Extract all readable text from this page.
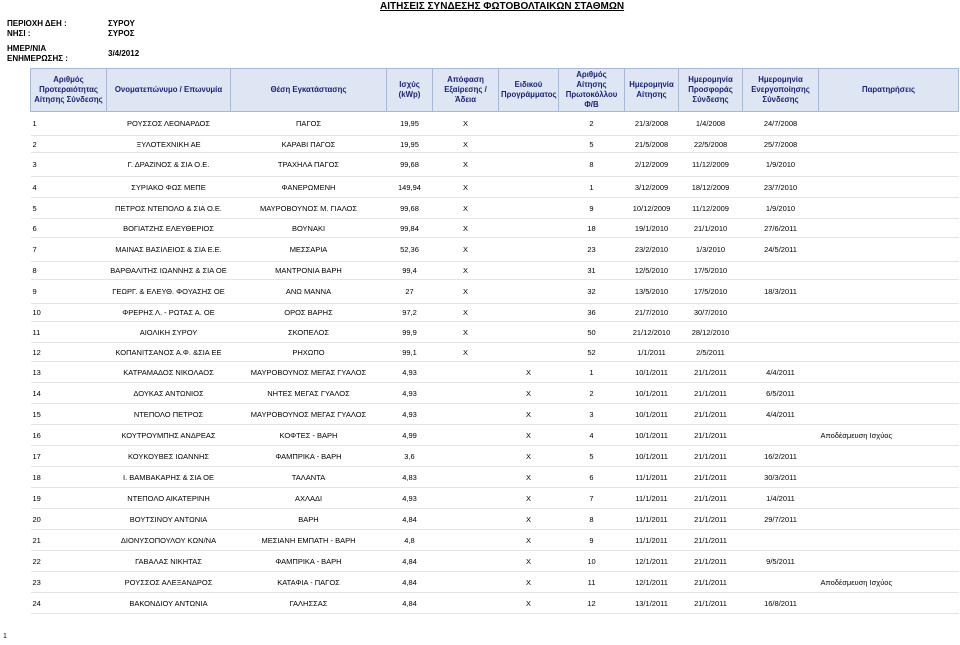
ΑΙΤΗΣΕΙΣ ΣΥΝΔΕΣΗΣ ΦΩΤΟΒΟΛΤΑΙΚΩΝ ΣΤΑΘΜΩΝ
ΠΕΡΙΟΧΗ ΔΕΗ :	ΣΥΡΟΥ
ΝΗΣΙ :	ΣΥΡΟΣ
ΗΜΕΡ/ΝΙΑ ΕΝΗΜΕΡΩΣΗΣ :
3/4/2012
Αριθμός Προτεραιότητας Αίτησης Σύνδεσης	Ονοματεπώνυμο / Επωνυμία	Θέση Εγκατάστασης	Ισχύς (kWp)	Απόφαση Εξαίρεσης / Άδεια	Ειδικού Προγράμματος	Αριθμός Αίτησης Πρωτοκόλλου Φ/Β	Ημερομηνία Αίτησης	Ημερομηνία Προσφοράς Σύνδεσης	Ημερομηνία Ενεργοποίησης Σύνδεσης	Παρατηρήσεις
1	ΡΟΥΣΣΟΣ ΛΕΟΝΑΡΔΟΣ	ΠΑΓΟΣ	19,95	X		2	21/3/2008	1/4/2008	24/7/2008	
2	ΞΥΛΟΤΕΧΝΙΚΗ ΑΕ	ΚΑΡΑΒΙ ΠΑΓΟΣ	19,95	X		5	21/5/2008	22/5/2008	25/7/2008	
3	Γ. ΔΡΑΖΙΝΟΣ & ΣΙΑ Ο.Ε.	ΤΡΑΧΗΛΑ ΠΑΓΟΣ	99,68	X		8	2/12/2009	11/12/2009	1/9/2010	
4	ΣΥΡΙΑΚΟ ΦΩΣ ΜΕΠΕ	ΦΑΝΕΡΩΜΕΝΗ	149,94	X		1	3/12/2009	18/12/2009	23/7/2010	
5	ΠΕΤΡΟΣ ΝΤΕΠΟΛΟ & ΣΙΑ Ο.Ε.	ΜΑΥΡΟΒΟΥΝΟΣ Μ. ΓΙΑΛΟΣ	99,68	X		9	10/12/2009	11/12/2009	1/9/2010	
6	ΒΟΓΙΑΤΖΗΣ ΕΛΕΥΘΕΡΙΟΣ	ΒΟΥΝΑΚΙ	99,84	X		18	19/1/2010	21/1/2010	27/6/2011	
7	ΜΑΙΝΑΣ ΒΑΣΙΛΕΙΟΣ & ΣΙΑ Ε.Ε.	ΜΕΣΣΑΡΙΑ	52,36	X		23	23/2/2010	1/3/2010	24/5/2011	
8	ΒΑΡΘΑΛΙΤΗΣ ΙΩΑΝΝΗΣ & ΣΙΑ ΟΕ	ΜΑΝΤΡΟΝΙΑ ΒΑΡΗ	99,4	X		31	12/5/2010	17/5/2010		
9	ΓΕΩΡΓ. & ΕΛΕΥΘ. ΦΟΥΑΣΗΣ ΟΕ	ΑΝΩ ΜΑΝΝΑ	27	X		32	13/5/2010	17/5/2010	18/3/2011	
10	ΦΡΕΡΗΣ Λ. - ΡΩΤΑΣ Α. ΟΕ	ΟΡΟΣ ΒΑΡΗΣ	97,2	X		36	21/7/2010	30/7/2010		
11	ΑΙΟΛΙΚΗ ΣΥΡΟΥ	ΣΚΟΠΕΛΟΣ	99,9	X		50	21/12/2010	28/12/2010		
12	ΚΟΠΑΝΙΤΣΑΝΟΣ Α.Φ. &ΣΙΑ ΕΕ	ΡΗΧΩΠΟ	99,1	X		52	1/1/2011	2/5/2011		
13	ΚΑΤΡΑΜΑΔΟΣ ΝΙΚΟΛΑΟΣ	ΜΑΥΡΟΒΟΥΝΟΣ ΜΕΓΑΣ ΓΥΑΛΟΣ	4,93		X	1	10/1/2011	21/1/2011	4/4/2011	
14	ΔΟΥΚΑΣ ΑΝΤΩΝΙΟΣ	ΝΗΤΕΣ ΜΕΓΑΣ ΓΥΑΛΟΣ	4,93		X	2	10/1/2011	21/1/2011	6/5/2011	
15	ΝΤΕΠΟΛΟ ΠΕΤΡΟΣ	ΜΑΥΡΟΒΟΥΝΟΣ ΜΕΓΑΣ ΓΥΑΛΟΣ	4,93		X	3	10/1/2011	21/1/2011	4/4/2011	
16	ΚΟΥΤΡΟΥΜΠΗΣ ΑΝΔΡΕΑΣ	ΚΟΦΤΕΣ - ΒΑΡΗ	4,99		X	4	10/1/2011	21/1/2011		Αποδέσμευση Ισχύος
17	ΚΟΥΚΟΥΒΕΣ ΙΩΑΝΝΗΣ	ΦΑΜΠΡΙΚΑ - ΒΑΡΗ	3,6		X	5	10/1/2011	21/1/2011	16/2/2011	
18	Ι. ΒΑΜΒΑΚΑΡΗΣ & ΣΙΑ ΟΕ	ΤΑΛΑΝΤΑ	4,83		X	6	11/1/2011	21/1/2011	30/3/2011	
19	ΝΤΕΠΟΛΟ ΑΙΚΑΤΕΡΙΝΗ	ΑΧΛΑΔΙ	4,93		X	7	11/1/2011	21/1/2011	1/4/2011	
20	ΒΟΥΤΣΙΝΟΥ ΑΝΤΩΝΙΑ	ΒΑΡΗ	4,84		X	8	11/1/2011	21/1/2011	29/7/2011	
21	ΔΙΟΝΥΣΟΠΟΥΛΟΥ ΚΩΝ/ΝΑ	ΜΕΣΙΑΝΗ ΕΜΠΑΤΗ - ΒΑΡΗ	4,8		X	9	11/1/2011	21/1/2011		
22	ΓΑΒΑΛΑΣ ΝΙΚΗΤΑΣ	ΦΑΜΠΡΙΚΑ - ΒΑΡΗ	4,84		X	10	12/1/2011	21/1/2011	9/5/2011	
23	ΡΟΥΣΣΟΣ ΑΛΕΞΑΝΔΡΟΣ	ΚΑΤΑΦΙΑ - ΠΑΓΟΣ	4,84		X	11	12/1/2011	21/1/2011		Αποδέσμευση Ισχύος
24	ΒΑΚΟΝΔΙΟΥ ΑΝΤΩΝΙΑ	ΓΑΛΗΣΣΑΣ	4,84		X	12	13/1/2011	21/1/2011	16/8/2011	
1
